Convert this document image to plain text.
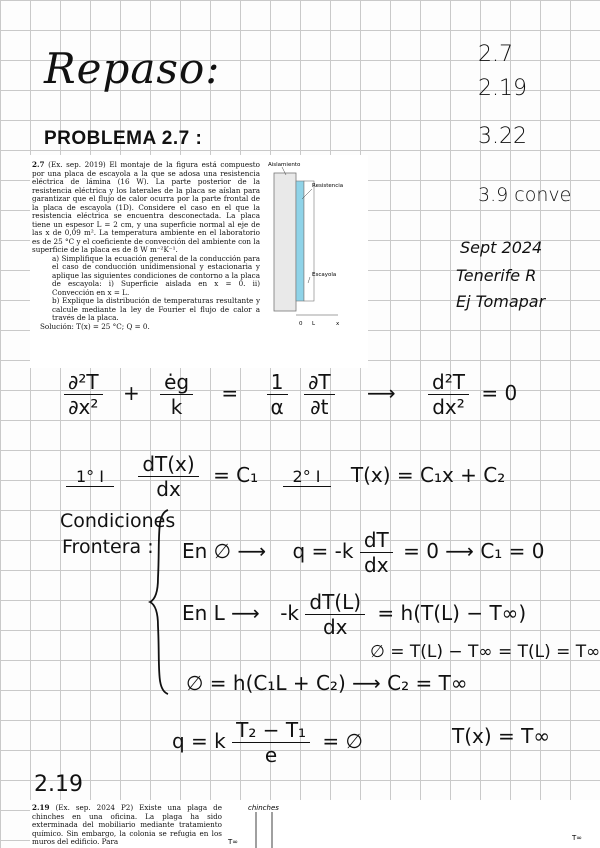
Repaso:
PROBLEMA 2.7 :
2.7
2.19
3.22
3.9 conve
Sept 2024
Tenerife R
Ej Tomapar

2.7 (Ex. sep. 2019) El montaje de la figura está compuesto por una placa de escayola a la que se adosa una resistencia eléctrica de lámina (16 W). La parte posterior de la resistencia eléctrica y los laterales de la placa se aíslan para garantizar que el flujo de calor ocurra por la parte frontal de la placa de escayola (1D). Considere el caso en el que la resistencia eléctrica se encuentra desconectada. La placa tiene un espesor L = 2 cm, y una superficie normal al eje de las x de 0,09 m². La temperatura ambiente en el laboratorio es de 25 °C y el coeficiente de convección del ambiente con la superficie de la placa es de 8 W m⁻²K⁻¹.

a) Simplifique la ecuación general de la conducción para el caso de conducción unidimensional y estacionaria y aplique las siguientes condiciones de contorno a la placa de escayola: i) Superficie aislada en x = 0. ii) Convección en x = L.

b) Explique la distribución de temperaturas resultante y calcule mediante la ley de Fourier el flujo de calor a través de la placa.

Solución: T(x) = 25 °C; Q = 0.

Aislamiento
Resistencia
Escayola
0 L	x
$\frac{\text{∂²T}}{\text{∂x²}} + \frac{ėg}{k} = \frac{1}{\alpha}$
$\frac{\partial T}{\partial t}$ ⟶ $\frac{\text{d²T}}{\text{dx²}} = 0$
1° I $\frac{dT(x)}{dx} = C_1$ 2° I T(x) = C₁x + C₂
Condiciones
Frontera : En ∅ ⟶ $q = -k \frac{dT}{dx} = 0$ ⟶ C₁ = 0
En L ⟶ $-k \frac{dT(L)}{dx} = h(T(L) - T\infty)$
∅ = T(L) − T∞ = T(L) = T∞
∅ = h(C₁L + C₂) ⟶ C₂ = T∞
q = k $\frac{\text{T₂ − T₁}}{e}$ = ∅	T(x) = T∞
2.19
2.19 (Ex. sep. 2024 P2) Existe una plaga de chinches en una oficina. La plaga ha sido exterminada del mobiliario mediante tratamiento químico. Sin embargo, la colonia se refugia en los muros del edificio. Para
chinches
T∞	T∞
